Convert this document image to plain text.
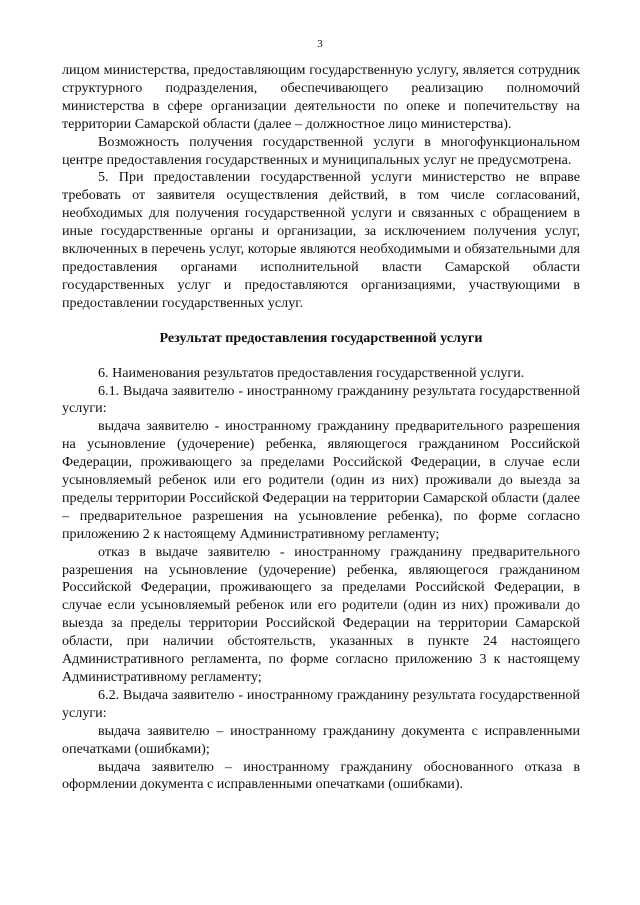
3

лицом министерства, предоставляющим государственную услугу, является сотрудник структурного подразделения, обеспечивающего реализацию полномочий министерства в сфере организации деятельности по опеке и попечительству на территории Самарской области (далее – должностное лицо министерства).

Возможность получения государственной услуги в многофункциональном центре предоставления государственных и муниципальных услуг не предусмотрена.

5. При предоставлении государственной услуги министерство не вправе требовать от заявителя осуществления действий, в том числе согласований, необходимых для получения государственной услуги и связанных с обращением в иные государственные органы и организации, за исключением получения услуг, включенных в перечень услуг, которые являются необходимыми и обязательными для предоставления органами исполнительной власти Самарской области государственных услуг и предоставляются организациями, участвующими в предоставлении государственных услуг.

Результат предоставления государственной услуги

6. Наименования результатов предоставления государственной услуги.

6.1. Выдача заявителю - иностранному гражданину результата государственной услуги:

выдача заявителю - иностранному гражданину предварительного разрешения на усыновление (удочерение) ребенка, являющегося гражданином Российской Федерации, проживающего за пределами Российской Федерации, в случае если усыновляемый ребенок или его родители (один из них) проживали до выезда за пределы территории Российской Федерации на территории Самарской области (далее – предварительное разрешения на усыновление ребенка), по форме согласно приложению 2 к настоящему Административному регламенту;

отказ в выдаче заявителю - иностранному гражданину предварительного разрешения на усыновление (удочерение) ребенка, являющегося гражданином Российской Федерации, проживающего за пределами Российской Федерации, в случае если усыновляемый ребенок или его родители (один из них) проживали до выезда за пределы территории Российской Федерации на территории Самарской области, при наличии обстоятельств, указанных в пункте 24 настоящего Административного регламента, по форме согласно приложению 3 к настоящему Административному регламенту;

6.2. Выдача заявителю - иностранному гражданину результата государственной услуги:

выдача заявителю – иностранному гражданину документа с исправленными опечатками (ошибками);

выдача заявителю – иностранному гражданину обоснованного отказа в оформлении документа с исправленными опечатками (ошибками).
